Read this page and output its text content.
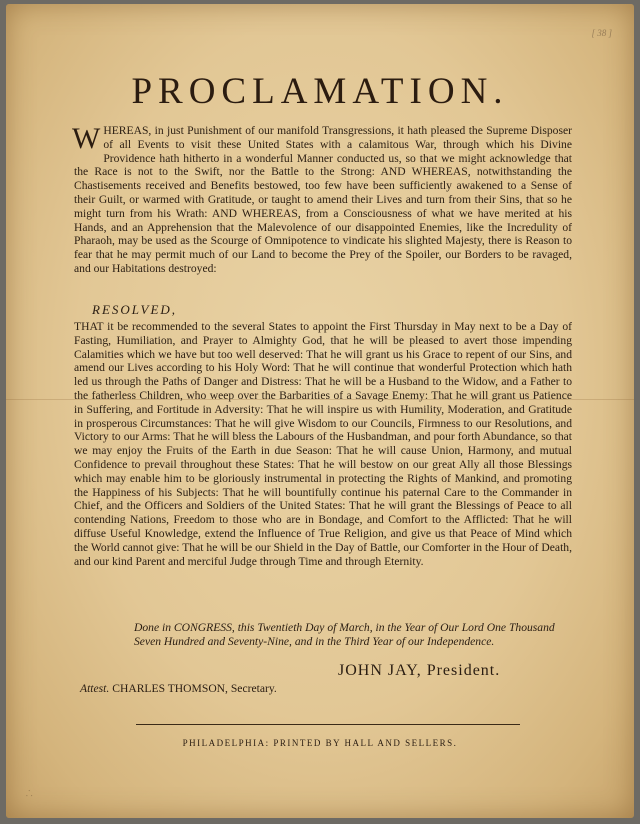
[ 38 ]
PROCLAMATION.
WHEREAS, in just Punishment of our manifold Transgressions, it hath pleased the Supreme Disposer of all Events to visit these United States with a calamitous War, through which his Divine Providence hath hitherto in a wonderful Manner conducted us, so that we might acknowledge that the Race is not to the Swift, nor the Battle to the Strong: AND WHEREAS, notwithstanding the Chastisements received and Benefits bestowed, too few have been sufficiently awakened to a Sense of their Guilt, or warmed with Gratitude, or taught to amend their Lives and turn from their Sins, that so he might turn from his Wrath: AND WHEREAS, from a Consciousness of what we have merited at his Hands, and an Apprehension that the Malevolence of our disappointed Enemies, like the Incredulity of Pharaoh, may be used as the Scourge of Omnipotence to vindicate his slighted Majesty, there is Reason to fear that he may permit much of our Land to become the Prey of the Spoiler, our Borders to be ravaged, and our Habitations destroyed:
RESOLVED,
THAT it be recommended to the several States to appoint the First Thursday in May next to be a Day of Fasting, Humiliation, and Prayer to Almighty God, that he will be pleased to avert those impending Calamities which we have but too well deserved: That he will grant us his Grace to repent of our Sins, and amend our Lives according to his Holy Word: That he will continue that wonderful Protection which hath led us through the Paths of Danger and Distress: That he will be a Husband to the Widow, and a Father to the fatherless Children, who weep over the Barbarities of a Savage Enemy: That he will grant us Patience in Suffering, and Fortitude in Adversity: That he will inspire us with Humility, Moderation, and Gratitude in prosperous Circumstances: That he will give Wisdom to our Councils, Firmness to our Resolutions, and Victory to our Arms: That he will bless the Labours of the Husbandman, and pour forth Abundance, so that we may enjoy the Fruits of the Earth in due Season: That he will cause Union, Harmony, and mutual Confidence to prevail throughout these States: That he will bestow on our great Ally all those Blessings which may enable him to be gloriously instrumental in protecting the Rights of Mankind, and promoting the Happiness of his Subjects: That he will bountifully continue his paternal Care to the Commander in Chief, and the Officers and Soldiers of the United States: That he will grant the Blessings of Peace to all contending Nations, Freedom to those who are in Bondage, and Comfort to the Afflicted: That he will diffuse Useful Knowledge, extend the Influence of True Religion, and give us that Peace of Mind which the World cannot give: That he will be our Shield in the Day of Battle, our Comforter in the Hour of Death, and our kind Parent and merciful Judge through Time and through Eternity.
Done in CONGRESS, this Twentieth Day of March, in the Year of Our Lord One Thousand Seven Hundred and Seventy-Nine, and in the Third Year of our Independence.
JOHN JAY, President.
Attest. CHARLES THOMSON, Secretary.
PHILADELPHIA: PRINTED BY HALL AND SELLERS.
⸫
